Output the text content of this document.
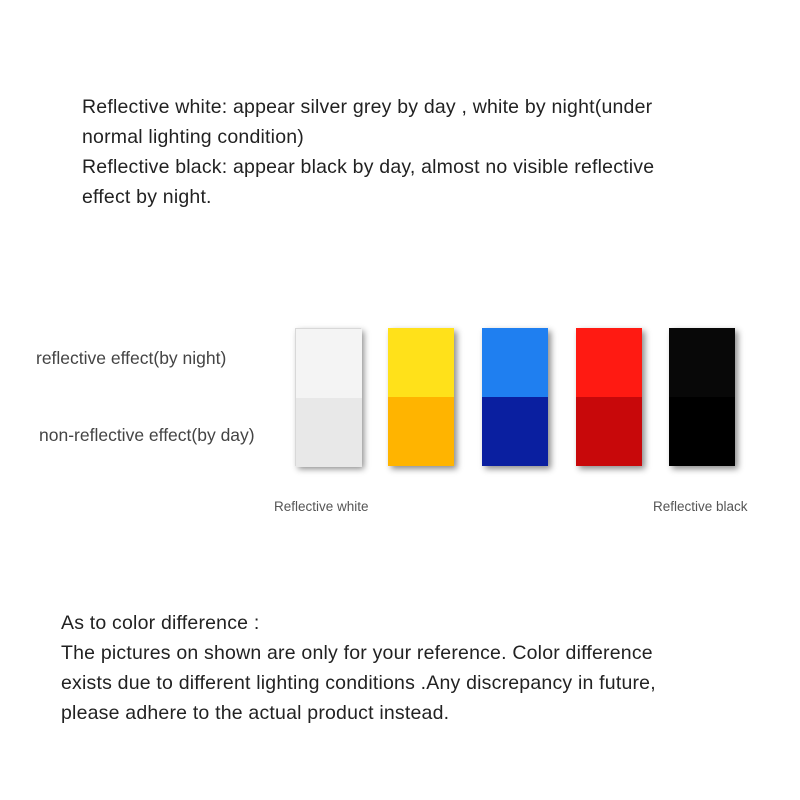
Reflective white: appear silver grey by day , white by night(under

normal lighting condition)

Reflective black: appear black by day, almost no visible reflective

effect by night.

reflective effect(by night)
non-reflective effect(by day)
Reflective white	Reflective black

As to color difference :

The pictures on shown are only for your reference. Color difference

exists due to different lighting conditions .Any discrepancy in future,

please adhere to the actual product instead.
